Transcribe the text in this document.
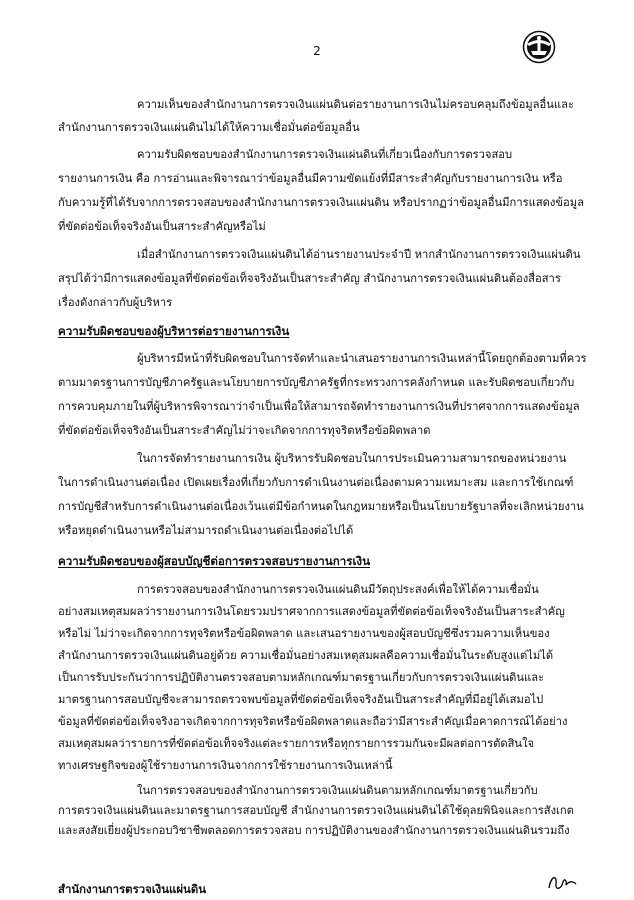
2
ความเห็นของสำนักงานการตรวจเงินแผ่นดินต่อรายงานการเงินไม่ครอบคลุมถึงข้อมูลอื่นและ
สำนักงานการตรวจเงินแผ่นดินไม่ได้ให้ความเชื่อมั่นต่อข้อมูลอื่น
ความรับผิดชอบของสำนักงานการตรวจเงินแผ่นดินที่เกี่ยวเนื่องกับการตรวจสอบ
รายงานการเงิน คือ การอ่านและพิจารณาว่าข้อมูลอื่นมีความขัดแย้งที่มีสาระสำคัญกับรายงานการเงิน หรือ
กับความรู้ที่ได้รับจากการตรวจสอบของสำนักงานการตรวจเงินแผ่นดิน หรือปรากฏว่าข้อมูลอื่นมีการแสดงข้อมูล
ที่ขัดต่อข้อเท็จจริงอันเป็นสาระสำคัญหรือไม่
เมื่อสำนักงานการตรวจเงินแผ่นดินได้อ่านรายงานประจำปี หากสำนักงานการตรวจเงินแผ่นดิน
สรุปได้ว่ามีการแสดงข้อมูลที่ขัดต่อข้อเท็จจริงอันเป็นสาระสำคัญ สำนักงานการตรวจเงินแผ่นดินต้องสื่อสาร
เรื่องดังกล่าวกับผู้บริหาร
ความรับผิดชอบของผู้บริหารต่อรายงานการเงิน
ผู้บริหารมีหน้าที่รับผิดชอบในการจัดทำและนำเสนอรายงานการเงินเหล่านี้โดยถูกต้องตามที่ควร
ตามมาตรฐานการบัญชีภาครัฐและนโยบายการบัญชีภาครัฐที่กระทรวงการคลังกำหนด และรับผิดชอบเกี่ยวกับ
การควบคุมภายในที่ผู้บริหารพิจารณาว่าจำเป็นเพื่อให้สามารถจัดทำรายงานการเงินที่ปราศจากการแสดงข้อมูล
ที่ขัดต่อข้อเท็จจริงอันเป็นสาระสำคัญไม่ว่าจะเกิดจากการทุจริตหรือข้อผิดพลาด
ในการจัดทำรายงานการเงิน ผู้บริหารรับผิดชอบในการประเมินความสามารถของหน่วยงาน
ในการดำเนินงานต่อเนื่อง เปิดเผยเรื่องที่เกี่ยวกับการดำเนินงานต่อเนื่องตามความเหมาะสม และการใช้เกณฑ์
การบัญชีสำหรับการดำเนินงานต่อเนื่องเว้นแต่มีข้อกำหนดในกฎหมายหรือเป็นนโยบายรัฐบาลที่จะเลิกหน่วยงาน
หรือหยุดดำเนินงานหรือไม่สามารถดำเนินงานต่อเนื่องต่อไปได้
ความรับผิดชอบของผู้สอบบัญชีต่อการตรวจสอบรายงานการเงิน
การตรวจสอบของสำนักงานการตรวจเงินแผ่นดินมีวัตถุประสงค์เพื่อให้ได้ความเชื่อมั่น
อย่างสมเหตุสมผลว่ารายงานการเงินโดยรวมปราศจากการแสดงข้อมูลที่ขัดต่อข้อเท็จจริงอันเป็นสาระสำคัญ
หรือไม่ ไม่ว่าจะเกิดจากการทุจริตหรือข้อผิดพลาด และเสนอรายงานของผู้สอบบัญชีซึ่งรวมความเห็นของ
สำนักงานการตรวจเงินแผ่นดินอยู่ด้วย ความเชื่อมั่นอย่างสมเหตุสมผลคือความเชื่อมั่นในระดับสูงแต่ไม่ได้
เป็นการรับประกันว่าการปฏิบัติงานตรวจสอบตามหลักเกณฑ์มาตรฐานเกี่ยวกับการตรวจเงินแผ่นดินและ
มาตรฐานการสอบบัญชีจะสามารถตรวจพบข้อมูลที่ขัดต่อข้อเท็จจริงอันเป็นสาระสำคัญที่มีอยู่ได้เสมอไป
ข้อมูลที่ขัดต่อข้อเท็จจริงอาจเกิดจากการทุจริตหรือข้อผิดพลาดและถือว่ามีสาระสำคัญเมื่อคาดการณ์ได้อย่าง
สมเหตุสมผลว่ารายการที่ขัดต่อข้อเท็จจริงแต่ละรายการหรือทุกรายการรวมกันจะมีผลต่อการตัดสินใจ
ทางเศรษฐกิจของผู้ใช้รายงานการเงินจากการใช้รายงานการเงินเหล่านี้
ในการตรวจสอบของสำนักงานการตรวจเงินแผ่นดินตามหลักเกณฑ์มาตรฐานเกี่ยวกับ
การตรวจเงินแผ่นดินและมาตรฐานการสอบบัญชี สำนักงานการตรวจเงินแผ่นดินได้ใช้ดุลยพินิจและการสังเกต
และสงสัยเยี่ยงผู้ประกอบวิชาชีพตลอดการตรวจสอบ การปฏิบัติงานของสำนักงานการตรวจเงินแผ่นดินรวมถึง
สำนักงานการตรวจเงินแผ่นดิน
